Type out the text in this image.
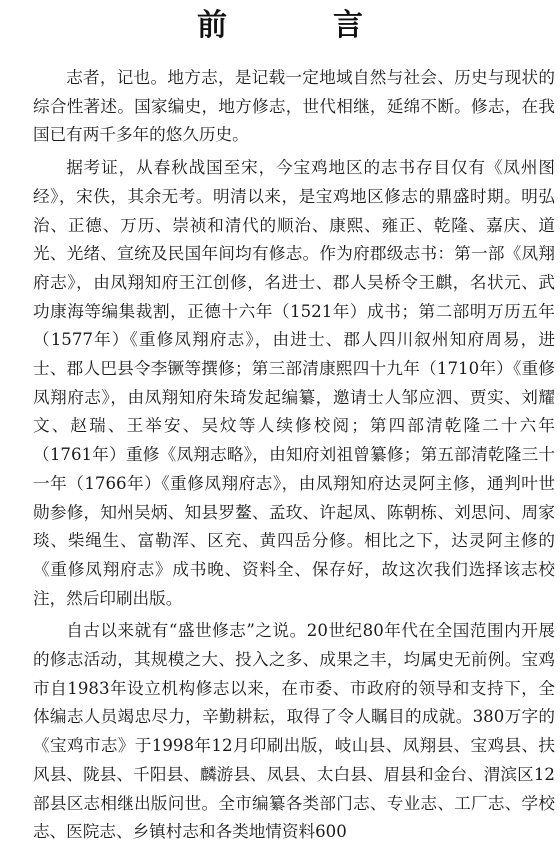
前　言

志者，记也。地方志，是记载一定地域自然与社会、历史与现状的综合性著述。国家编史，地方修志，世代相继，延绵不断。修志，在我国已有两千多年的悠久历史。

据考证，从春秋战国至宋，今宝鸡地区的志书存目仅有《凤州图经》，宋佚，其余无考。明清以来，是宝鸡地区修志的鼎盛时期。明弘治、正德、万历、崇祯和清代的顺治、康熙、雍正、乾隆、嘉庆、道光、光绪、宣统及民国年间均有修志。作为府郡级志书：第一部《凤翔府志》，由凤翔知府王江创修，名进士、郡人吴桥令王麒，名状元、武功康海等编集裁割，正德十六年（1521年）成书；第二部明万历五年（1577年）《重修凤翔府志》，由进士、郡人四川叙州知府周易，进士、郡人巴县令李镢等撰修；第三部清康熙四十九年（1710年）《重修凤翔府志》，由凤翔知府朱琦发起编纂，邀请士人邹应泗、贾实、刘耀文、赵瑞、王举安、吴炆等人续修校阅；第四部清乾隆二十六年（1761年）重修《凤翔志略》，由知府刘祖曾纂修；第五部清乾隆三十一年（1766年）《重修凤翔府志》，由凤翔知府达灵阿主修，通判叶世勋参修，知州吴炳、知县罗鳌、孟玫、许起凤、陈朝栋、刘思问、周家琰、柴绳生、富勒浑、区充、黄四岳分修。相比之下，达灵阿主修的《重修凤翔府志》成书晚、资料全、保存好，故这次我们选择该志校注，然后印刷出版。

自古以来就有“盛世修志”之说。20世纪80年代在全国范围内开展的修志活动，其规模之大、投入之多、成果之丰，均属史无前例。宝鸡市自1983年设立机构修志以来，在市委、市政府的领导和支持下，全体编志人员竭忠尽力，辛勤耕耘，取得了令人瞩目的成就。380万字的《宝鸡市志》于1998年12月印刷出版，岐山县、凤翔县、宝鸡县、扶风县、陇县、千阳县、麟游县、凤县、太白县、眉县和金台、渭滨区12部县区志相继出版问世。全市编纂各类部门志、专业志、工厂志、学校志、医院志、乡镇村志和各类地情资料600
